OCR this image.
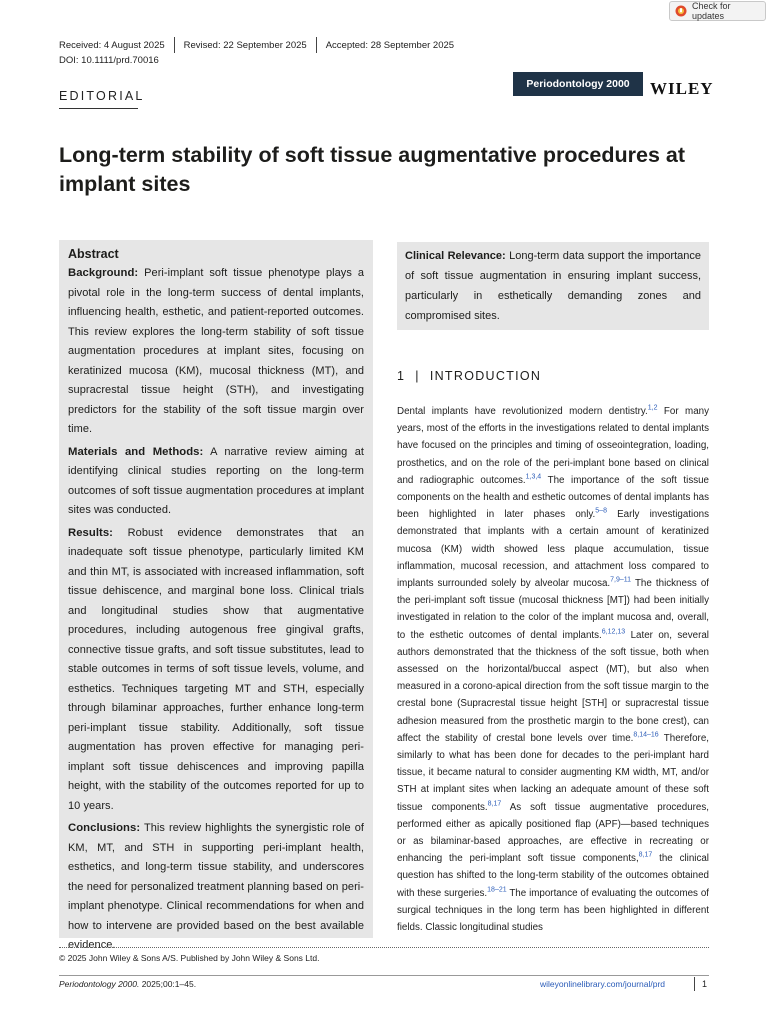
Check for updates
Received: 4 August 2025 Revised: 22 September 2025 Accepted: 28 September 2025
DOI: 10.1111/prd.70016
Periodontology 2000	WILEY
EDITORIAL
Long-term stability of soft tissue augmentative procedures at implant sites
Abstract

Background: Peri-implant soft tissue phenotype plays a pivotal role in the long-term success of dental implants, influencing health, esthetic, and patient-reported outcomes. This review explores the long-term stability of soft tissue augmentation procedures at implant sites, focusing on keratinized mucosa (KM), mucosal thickness (MT), and supracrestal tissue height (STH), and investigating predictors for the stability of the soft tissue margin over time.

Materials and Methods: A narrative review aiming at identifying clinical studies reporting on the long-term outcomes of soft tissue augmentation procedures at implant sites was conducted.

Results: Robust evidence demonstrates that an inadequate soft tissue phenotype, particularly limited KM and thin MT, is associated with increased inflammation, soft tissue dehiscence, and marginal bone loss. Clinical trials and longitudinal studies show that augmentative procedures, including autogenous free gingival grafts, connective tissue grafts, and soft tissue substitutes, lead to stable outcomes in terms of soft tissue levels, volume, and esthetics. Techniques targeting MT and STH, especially through bilaminar approaches, further enhance long-term peri-implant tissue stability. Additionally, soft tissue augmentation has proven effective for managing peri-implant soft tissue dehiscences and improving papilla height, with the stability of the outcomes reported for up to 10 years.

Conclusions: This review highlights the synergistic role of KM, MT, and STH in supporting peri-implant health, esthetics, and long-term tissue stability, and underscores the need for personalized treatment planning based on peri-implant phenotype. Clinical recommendations for when and how to intervene are provided based on the best available evidence.

Clinical Relevance: Long-term data support the importance of soft tissue augmentation in ensuring implant success, particularly in esthetically demanding zones and compromised sites.
1 | INTRODUCTION
Dental implants have revolutionized modern dentistry.$^{1,2}$ For many years, most of the efforts in the investigations related to dental implants have focused on the principles and timing of osseointegration, loading, prosthetics, and on the role of the peri-implant bone based on clinical and radiographic outcomes.$^{1,3,4}$ The importance of the soft tissue components on the health and esthetic outcomes of dental implants has been highlighted in later phases only.$^{5-8}$ Early investigations demonstrated that implants with a certain amount of keratinized mucosa (KM) width showed less plaque accumulation, tissue inflammation, mucosal recession, and attachment loss compared to implants surrounded solely by alveolar mucosa.$^{7,9-11}$ The thickness of the peri-implant soft tissue (mucosal thickness [MT]) had been initially investigated in relation to the color of the implant mucosa and, overall, to the esthetic outcomes of dental implants.$^{6,12,13}$ Later on, several authors demonstrated that the thickness of the soft tissue, both when assessed on the horizontal/buccal aspect (MT), but also when measured in a corono-apical direction from the soft tissue margin to the crestal bone (Supracrestal tissue height [STH] or supracrestal tissue adhesion measured from the prosthetic margin to the bone crest), can affect the stability of crestal bone levels over time.$^{8,14-16}$ Therefore, similarly to what has been done for decades to the peri-implant hard tissue, it became natural to consider augmenting KM width, MT, and/or STH at implant sites when lacking an adequate amount of these soft tissue components.$^{8,17}$ As soft tissue augmentative procedures, performed either as apically positioned flap (APF)—based techniques or as bilaminar-based approaches, are effective in recreating or enhancing the peri-implant soft tissue components,$^{8,17}$ the clinical question has shifted to the long-term stability of the outcomes obtained with these surgeries.$^{18-21}$ The importance of evaluating the outcomes of surgical techniques in the long term has been highlighted in different fields. Classic longitudinal studies
© 2025 John Wiley & Sons A/S. Published by John Wiley & Sons Ltd.
Periodontology 2000. 2025;00:1–45.	wileyonlinelibrary.com/journal/prd	1
